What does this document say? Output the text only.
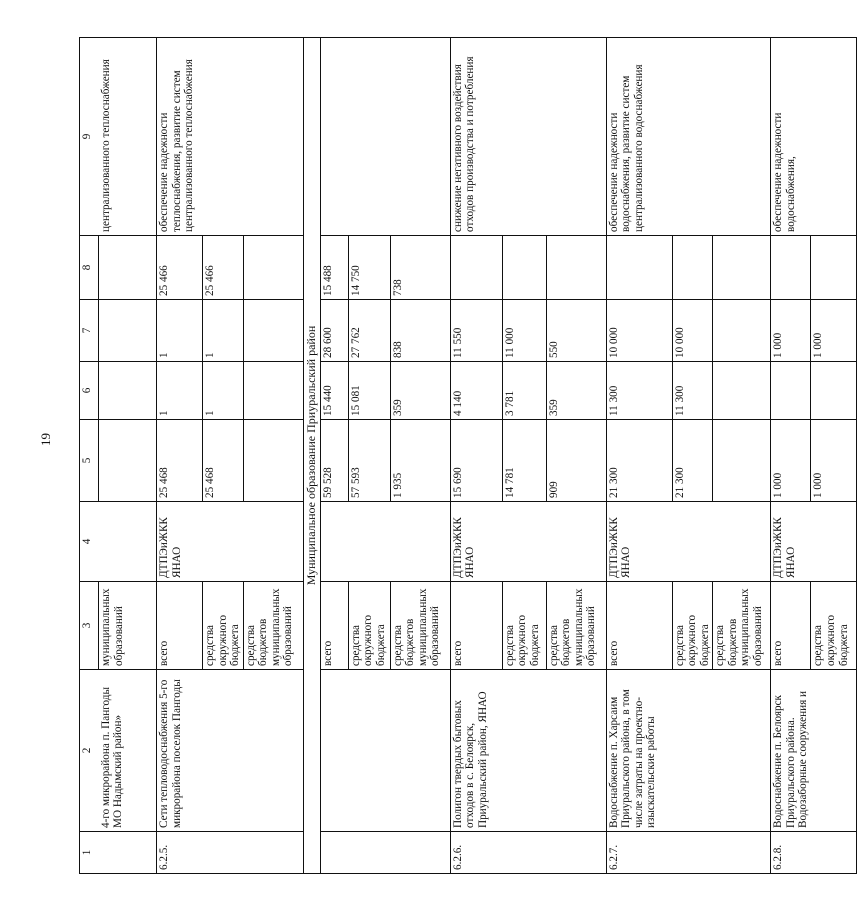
19
1	2	3	4	5	6	7	8	9
	4-го микрорайона п. Пангоды МО Надымский район»	муниципальных образований						централизованного теплоснабжения
6.2.5.	Сети тепловодоснабжения 5-го микрорайона поселок Пангоды	всего	ДТПЭиЖКК ЯНАО	25 468	1	1	25 466	обеспечение надежности теплоснабжения, развитие систем централизованного теплоснабжения
		средства окружного бюджета		25 468	1	1	25 466	
		средства бюджетов муниципальных образований						
Муниципальное образование Приуральский район								
		всего		59 528	15 440	28 600	15 488	
		средства окружного бюджета		57 593	15 081	27 762	14 750	
		средства бюджетов муниципальных образований		1 935	359	838	738	
6.2.6.	Полигон твердых бытовых отходов в с. Белоярск, Приуральский район, ЯНАО	всего	ДТПЭиЖКК ЯНАО	15 690	4 140	11 550		снижение негативного воздействия отходов производства и потребления
		средства окружного бюджета		14 781	3 781	11 000		
		средства бюджетов муниципальных образований		909	359	550		
6.2.7.	Водоснабжение п. Харсаим Приуральского района, в том числе затраты на проектно-изыскательские работы	всего	ДТПЭиЖКК ЯНАО	21 300	11 300	10 000		обеспечение надежности водоснабжения, развитие систем централизованного водоснабжения
		средства окружного бюджета		21 300	11 300	10 000		
		средства бюджетов муниципальных образований						
6.2.8.	Водоснабжение п. Белоярск Приуральского района. Водозаборные сооружения и	всего	ДТПЭиЖКК ЯНАО	1 000		1 000		обеспечение надежности водоснабжения,
		средства окружного бюджета		1 000		1 000		
